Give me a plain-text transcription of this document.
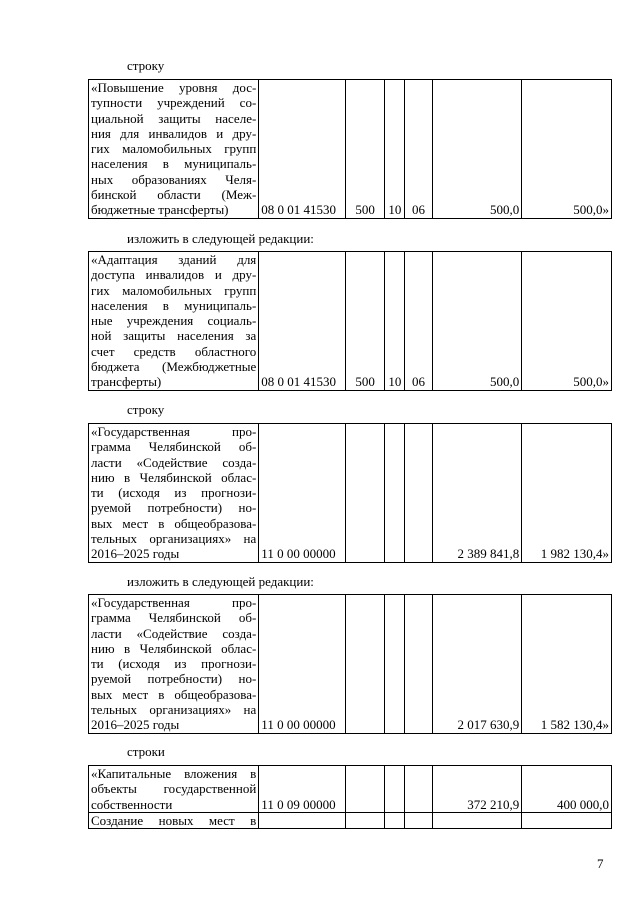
строку
«Повышение уровня дос-
тупности учреждений со-
циальной защиты населе-
ния для инвалидов и дру-
гих маломобильных групп
населения в муниципаль-
ных образованиях Челя-
бинской области (Меж-
бюджетные трансферты)	08 0 01 41530	500	10	06	500,0	500,0»
изложить в следующей редакции:
«Адаптация зданий для
доступа инвалидов и дру-
гих маломобильных групп
населения в муниципаль-
ные учреждения социаль-
ной защиты населения за
счет средств областного
бюджета (Межбюджетные
трансферты)	08 0 01 41530	500	10	06	500,0	500,0»
строку
«Государственная про-
грамма Челябинской об-
ласти «Содействие созда-
нию в Челябинской облас-
ти (исходя из прогнози-
руемой потребности) но-
вых мест в общеобразова-
тельных организациях» на
2016–2025 годы	11 0 00 00000				2 389 841,8	1 982 130,4»
изложить в следующей редакции:
«Государственная про-
грамма Челябинской об-
ласти «Содействие созда-
нию в Челябинской облас-
ти (исходя из прогнози-
руемой потребности) но-
вых мест в общеобразова-
тельных организациях» на
2016–2025 годы	11 0 00 00000				2 017 630,9	1 582 130,4»
строки
«Капитальные вложения в
объекты государственной
собственности	11 0 09 00000				372 210,9	400 000,0

Создание новых мест в						

7
